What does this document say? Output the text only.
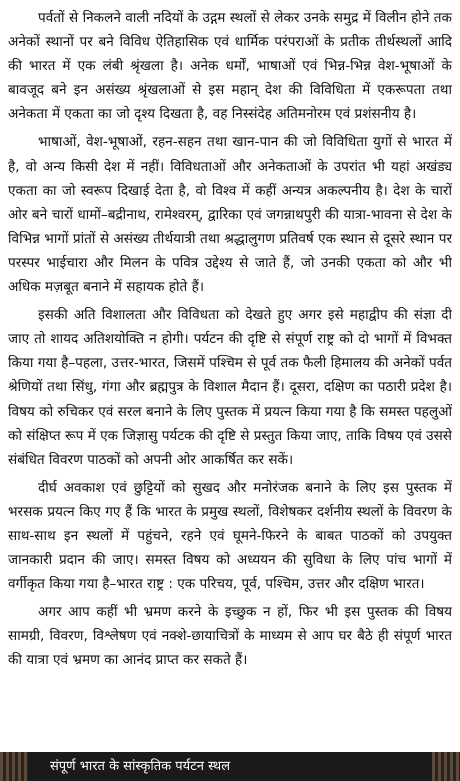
पर्वतों से निकलने वाली नदियों के उद्गम स्थलों से लेकर उनके समुद्र में विलीन होने तक अनेकों स्थानों पर बने विविध ऐतिहासिक एवं धार्मिक परंपराओं के प्रतीक तीर्थस्थलों आदि की भारत में एक लंबी श्रृंखला है। अनेक धर्मों, भाषाओं एवं भिन्न-भिन्न वेश-भूषाओं के बावजूद बने इन असंख्य श्रृंखलाओं से इस महान् देश की विविधिता में एकरूपता तथा अनेकता में एकता का जो दृश्य दिखता है, वह निस्संदेह अतिमनोरम एवं प्रशंसनीय है।

भाषाओं, वेश-भूषाओं, रहन-सहन तथा खान-पान की जो विविधिता युगों से भारत में है, वो अन्य किसी देश में नहीं। विविधताओं और अनेकताओं के उपरांत भी यहां अखंड्य एकता का जो स्वरूप दिखाई देता है, वो विश्व में कहीं अन्यत्र अकल्पनीय है। देश के चारों ओर बने चारों धामों–बद्रीनाथ, रामेश्वरम्, द्वारिका एवं जगन्नाथपुरी की यात्रा-भावना से देश के विभिन्न भागों प्रांतों से असंख्य तीर्थयात्री तथा श्रद्धालुगण प्रतिवर्ष एक स्थान से दूसरे स्थान पर परस्पर भाईचारा और मिलन के पवित्र उद्देश्य से जाते हैं, जो उनकी एकता को और भी अधिक मज़बूत बनाने में सहायक होते हैं।

इसकी अति विशालता और विविधता को देखते हुए अगर इसे महाद्वीप की संज्ञा दी जाए तो शायद अतिशयोक्ति न होगी। पर्यटन की दृष्टि से संपूर्ण राष्ट्र को दो भागों में विभक्त किया गया है–पहला, उत्तर-भारत, जिसमें पश्चिम से पूर्व तक फैली हिमालय की अनेकों पर्वत श्रेणियों तथा सिंधु, गंगा और ब्रह्मपुत्र के विशाल मैदान हैं। दूसरा, दक्षिण का पठारी प्रदेश है। विषय को रुचिकर एवं सरल बनाने के लिए पुस्तक में प्रयत्न किया गया है कि समस्त पहलुओं को संक्षिप्त रूप में एक जिज्ञासु पर्यटक की दृष्टि से प्रस्तुत किया जाए, ताकि विषय एवं उससे संबंधित विवरण पाठकों को अपनी ओर आकर्षित कर सकें।

दीर्घ अवकाश एवं छुट्टियों को सुखद और मनोरंजक बनाने के लिए इस पुस्तक में भरसक प्रयत्न किए गए हैं कि भारत के प्रमुख स्थलों, विशेषकर दर्शनीय स्थलों के विवरण के साथ-साथ इन स्थलों में पहुंचने, रहने एवं घूमने-फिरने के बाबत पाठकों को उपयुक्त जानकारी प्रदान की जाए। समस्त विषय को अध्ययन की सुविधा के लिए पांच भागों में वर्गीकृत किया गया है–भारत राष्ट्र : एक परिचय, पूर्व, पश्चिम, उत्तर और दक्षिण भारत।

अगर आप कहीं भी भ्रमण करने के इच्छुक न हों, फिर भी इस पुस्तक की विषय सामग्री, विवरण, विश्लेषण एवं नक्शे-छायाचित्रों के माध्यम से आप घर बैठे ही संपूर्ण भारत की यात्रा एवं भ्रमण का आनंद प्राप्त कर सकते हैं।

संपूर्ण भारत के सांस्कृतिक पर्यटन स्थल
